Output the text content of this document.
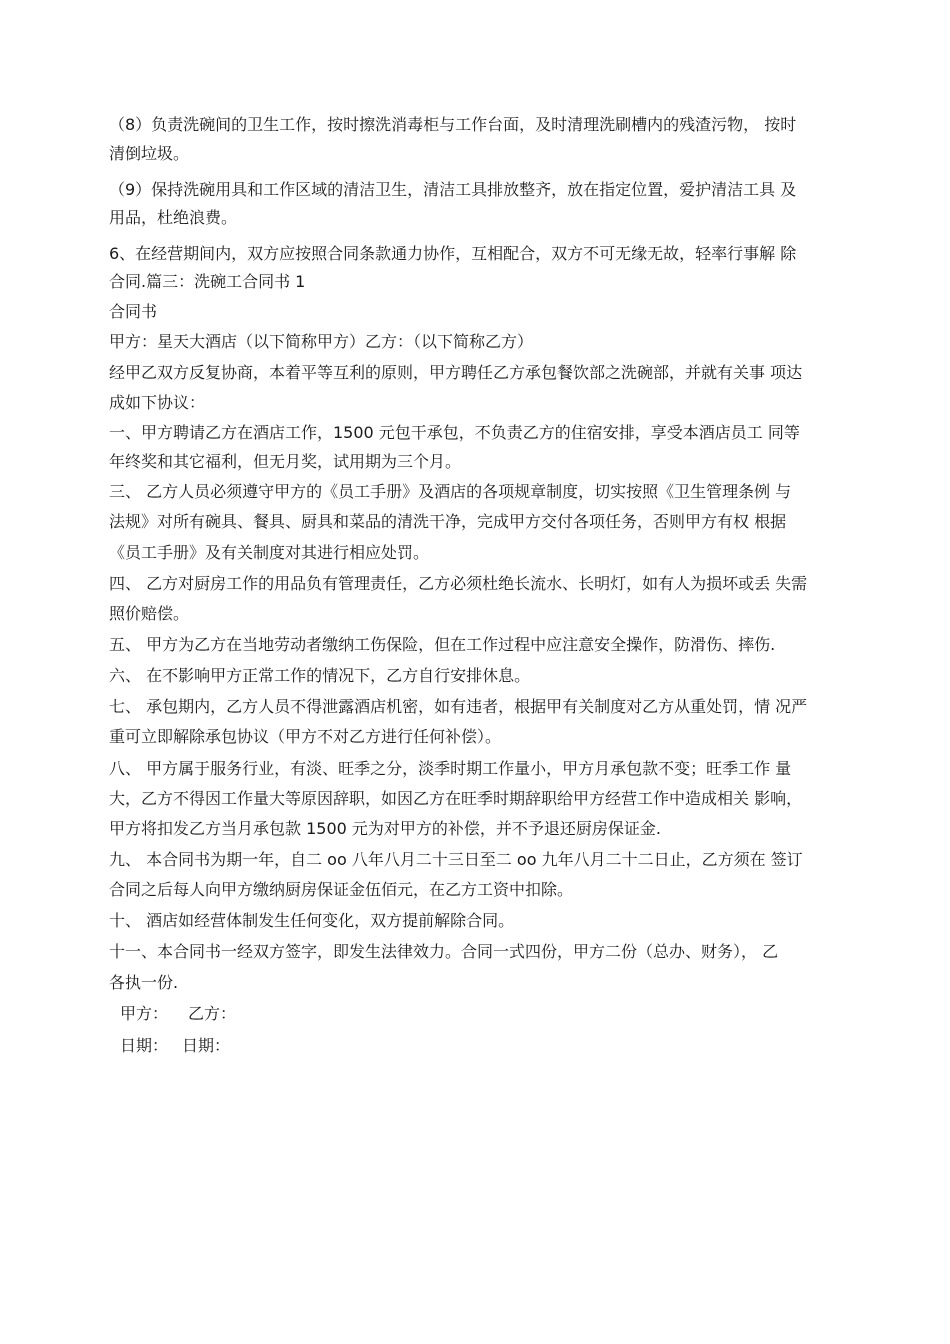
（8）负责洗碗间的卫生工作，按时擦洗消毒柜与工作台面，及时清理洗刷槽内的残渣污物， 按时
清倒垃圾。
（9）保持洗碗用具和工作区域的清洁卫生，清洁工具排放整齐，放在指定位置，爱护清洁工具 及
用品，杜绝浪费。
6、在经营期间内，双方应按照合同条款通力协作，互相配合，双方不可无缘无故，轻率行事解 除
合同.篇三：洗碗工合同书 1
合同书
甲方：星天大酒店（以下简称甲方）乙方：（以下简称乙方）
经甲乙双方反复协商，本着平等互利的原则，甲方聘任乙方承包餐饮部之洗碗部，并就有关事 项达
成如下协议：
一、甲方聘请乙方在酒店工作，1500 元包干承包，不负责乙方的住宿安排，享受本酒店员工 同等
年终奖和其它福利，但无月奖，试用期为三个月。
三、 乙方人员必须遵守甲方的《员工手册》及酒店的各项规章制度，切实按照《卫生管理条例 与
法规》对所有碗具、餐具、厨具和菜品的清洗干净，完成甲方交付各项任务，否则甲方有权 根据
《员工手册》及有关制度对其进行相应处罚。
四、 乙方对厨房工作的用品负有管理责任，乙方必须杜绝长流水、长明灯，如有人为损坏或丢 失需
照价赔偿。
五、 甲方为乙方在当地劳动者缴纳工伤保险，但在工作过程中应注意安全操作，防滑伤、摔伤.
六、 在不影响甲方正常工作的情况下，乙方自行安排休息。
七、 承包期内，乙方人员不得泄露酒店机密，如有违者，根据甲有关制度对乙方从重处罚，情 况严
重可立即解除承包协议（甲方不对乙方进行任何补偿）。
八、 甲方属于服务行业，有淡、旺季之分，淡季时期工作量小，甲方月承包款不变；旺季工作 量
大，乙方不得因工作量大等原因辞职，如因乙方在旺季时期辞职给甲方经营工作中造成相关 影响，
甲方将扣发乙方当月承包款 1500 元为对甲方的补偿，并不予退还厨房保证金.
九、 本合同书为期一年，自二 oo 八年八月二十三日至二 oo 九年八月二十二日止，乙方须在 签订
合同之后每人向甲方缴纳厨房保证金伍佰元，在乙方工资中扣除。
十、 酒店如经营体制发生任何变化，双方提前解除合同。
十一、本合同书一经双方签字，即发生法律效力。合同一式四份，甲方二份（总办、财务）， 乙
各执一份.
甲方：	乙方：
日期： 日期：
